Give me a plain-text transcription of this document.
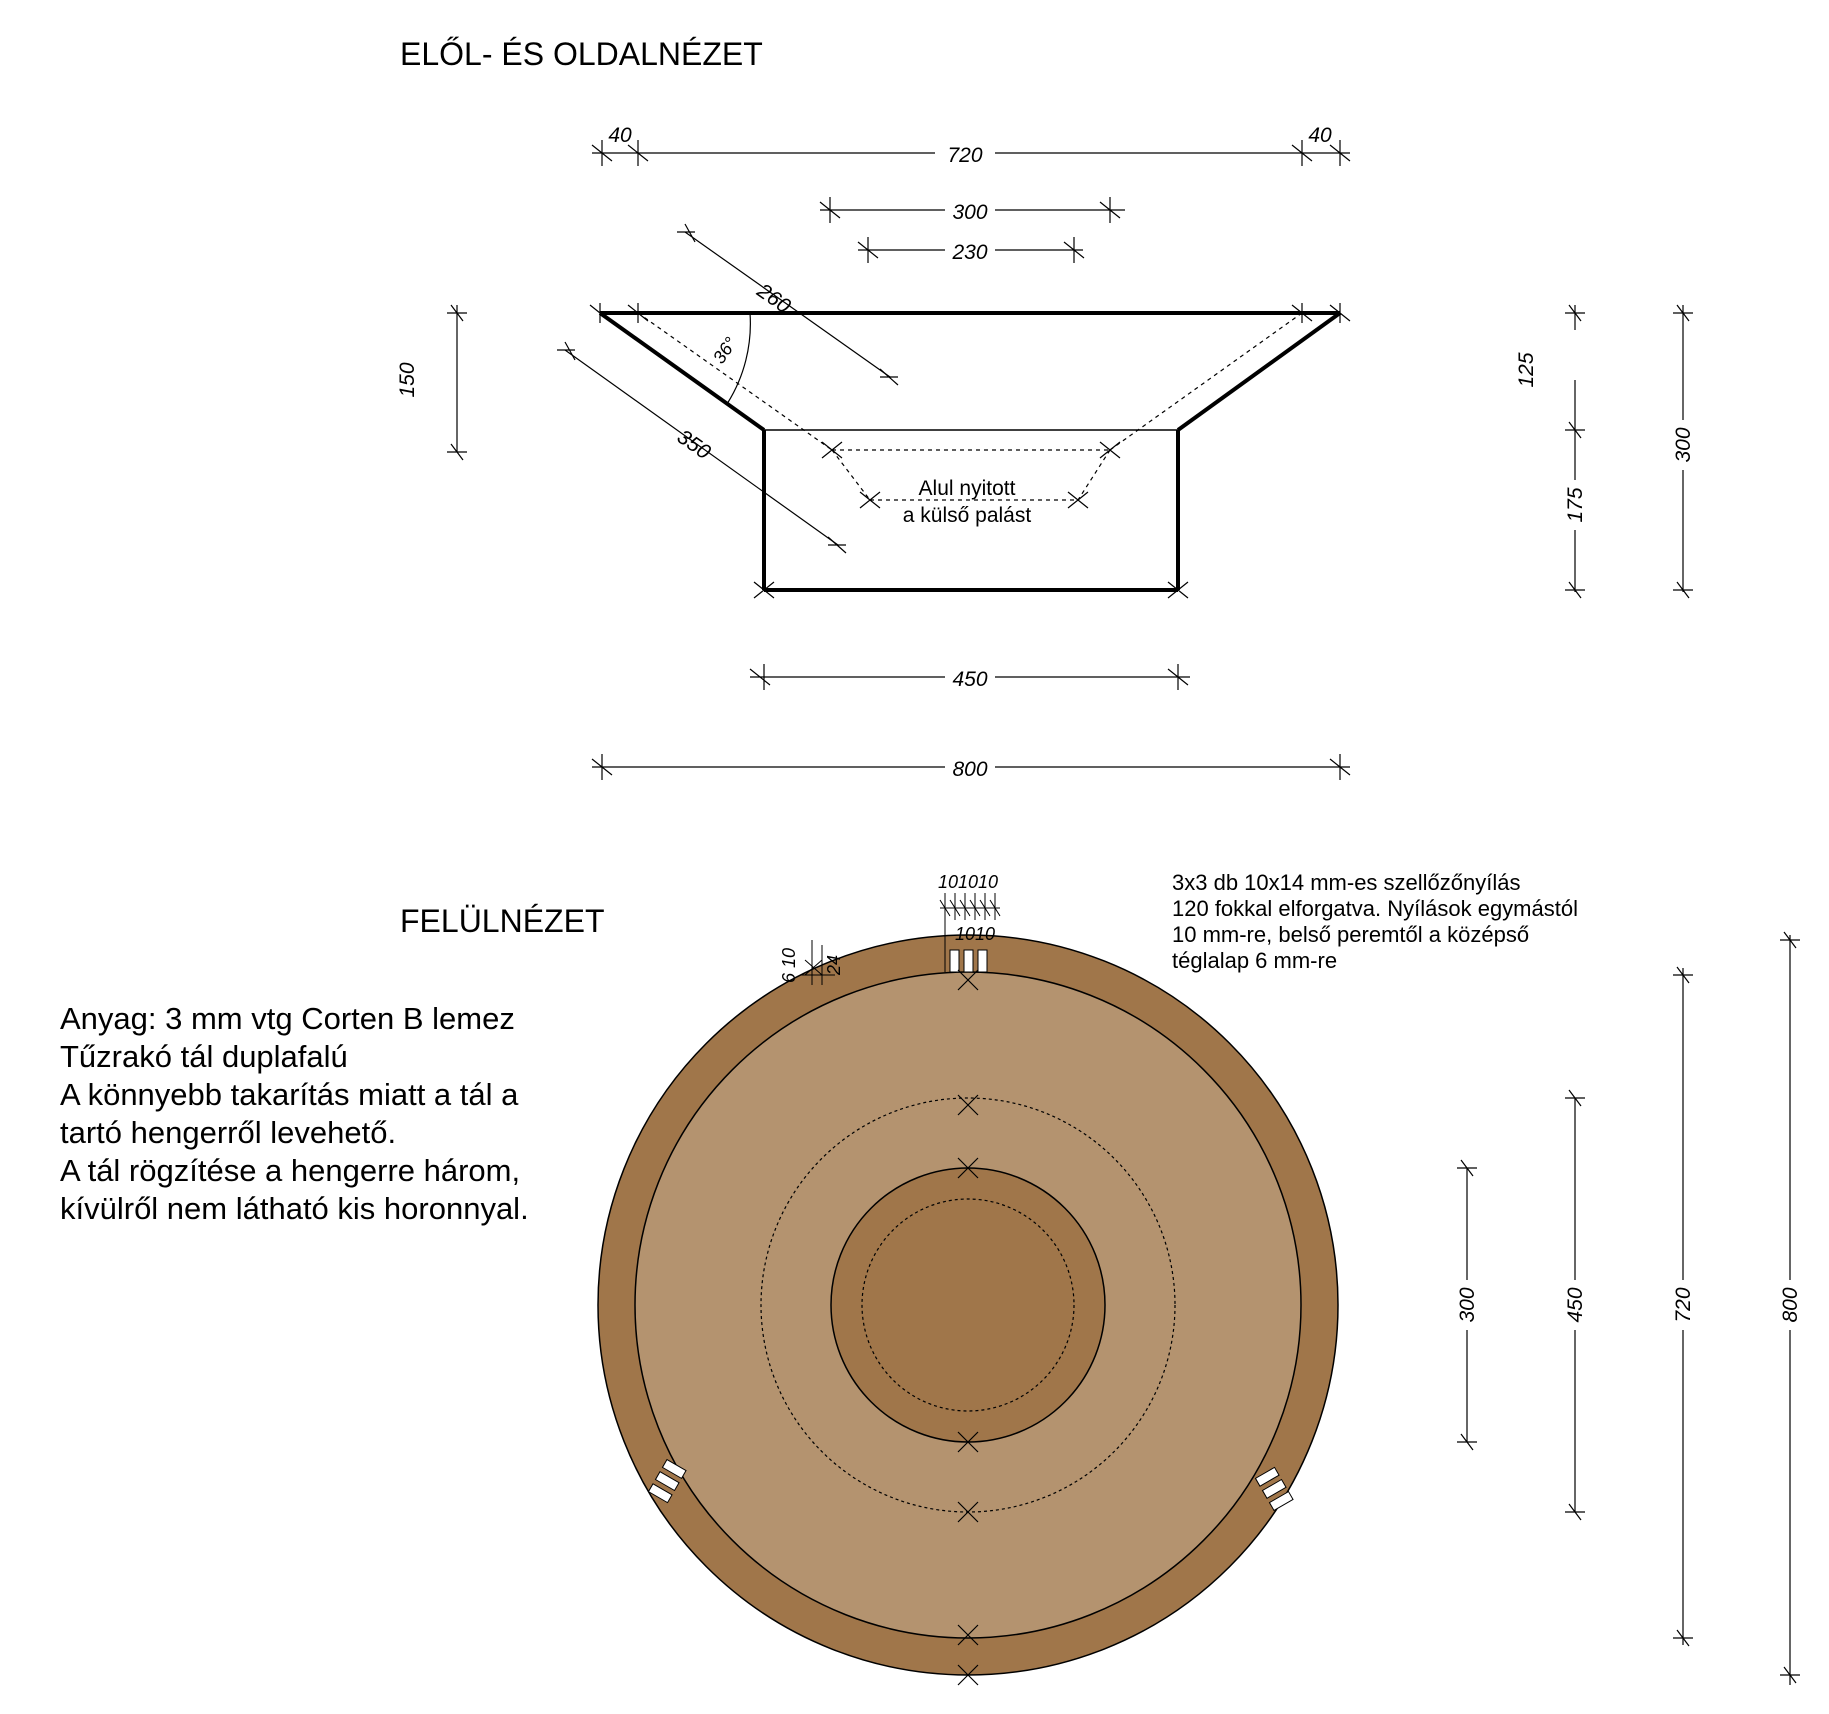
ELŐL- ÉS OLDALNÉZET
36°
Alul nyitott
a külső palást
40
720
40
300
230
260
350
150	125
175
300
450
800
FELÜLNÉZET
101010
1010
6 10 24
300	450	720	800
3x3 db 10x14 mm-es szellőzőnyílás
120 fokkal elforgatva. Nyílások egymástól
10 mm-re, belső peremtől a középső
téglalap 6 mm-re
Anyag: 3 mm vtg Corten B lemez
Tűzrakó tál duplafalú
A könnyebb takarítás miatt a tál a
tartó hengerről levehető.
A tál rögzítése a hengerre három,
kívülről nem látható kis horonnyal.
